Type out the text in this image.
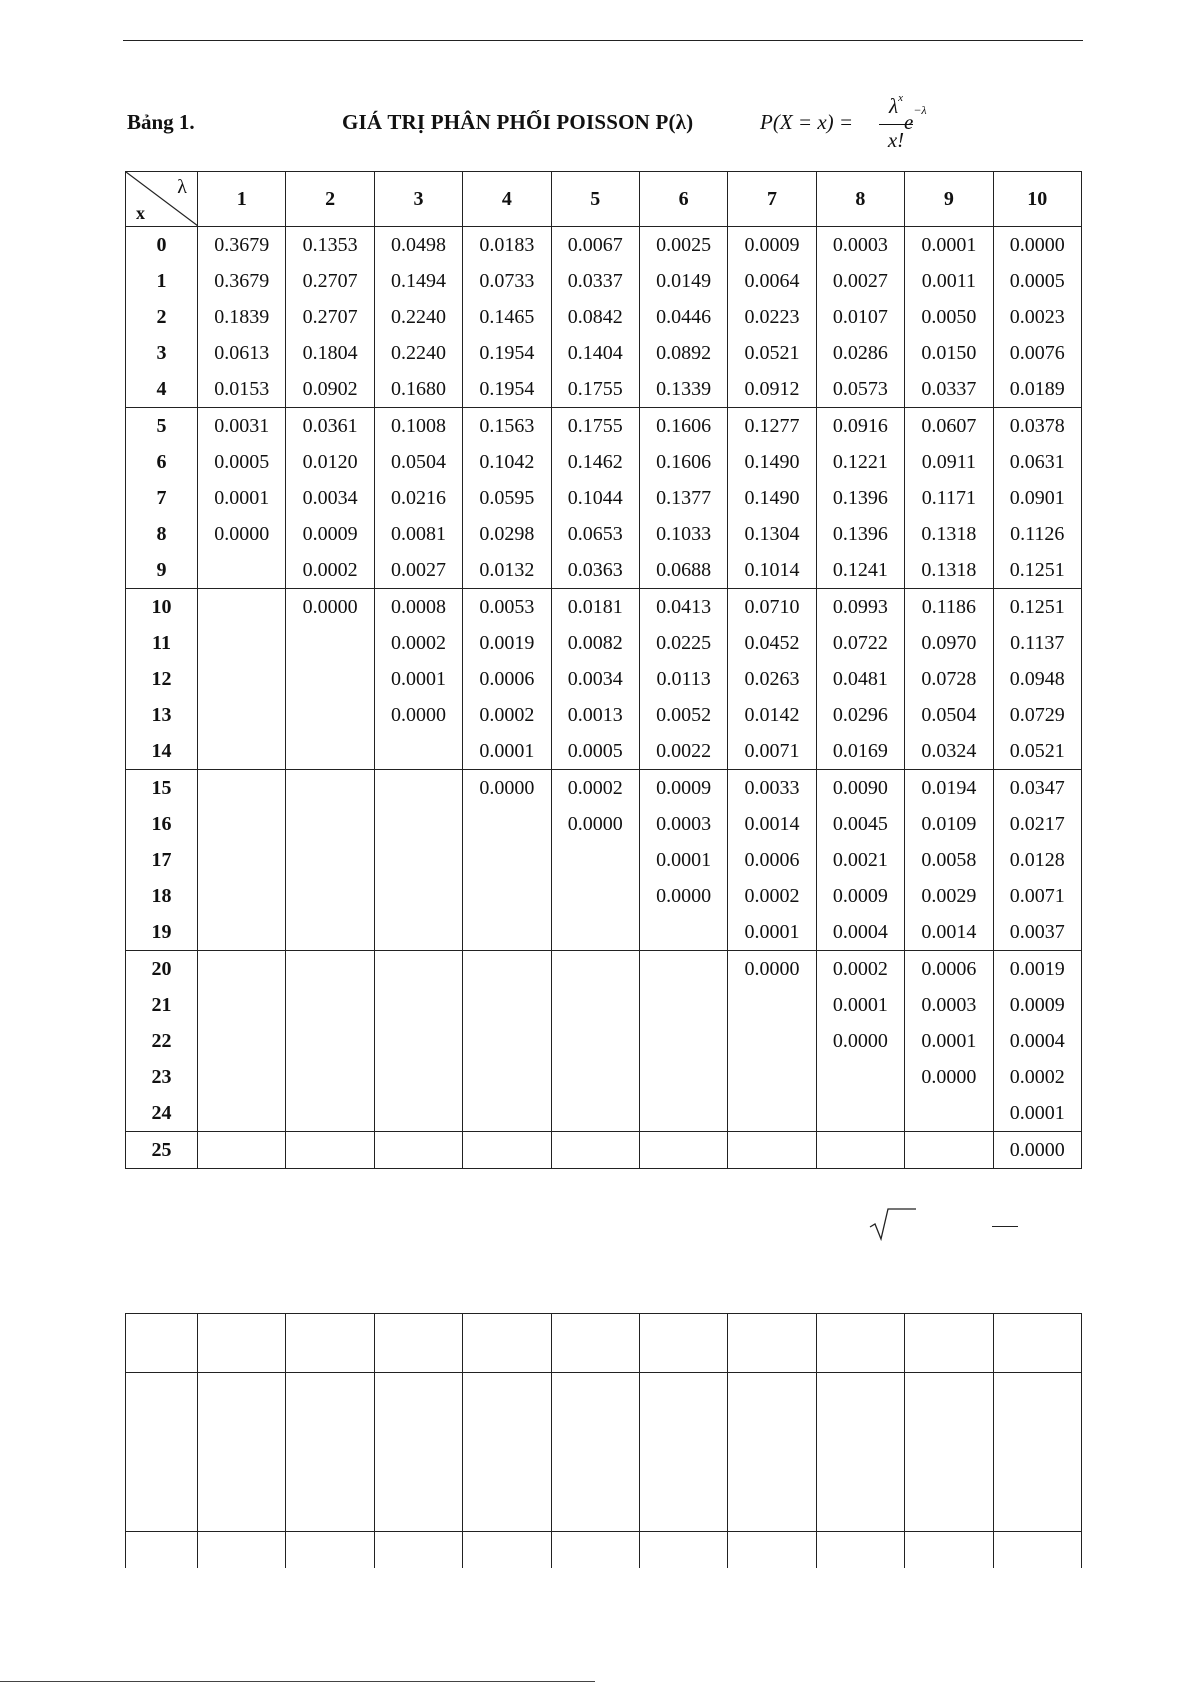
Bảng 1.	GIÁ TRỊ PHÂN PHỐI POISSON P(λ)	P(X = x) =
$\lambda^x$
x!
$e^{-\lambda}$
λ
x	1	2	3	4	5	6	7	8	9	10
0	0.3679	0.1353	0.0498	0.0183	0.0067	0.0025	0.0009	0.0003	0.0001	0.0000
1	0.3679	0.2707	0.1494	0.0733	0.0337	0.0149	0.0064	0.0027	0.0011	0.0005
2	0.1839	0.2707	0.2240	0.1465	0.0842	0.0446	0.0223	0.0107	0.0050	0.0023
3	0.0613	0.1804	0.2240	0.1954	0.1404	0.0892	0.0521	0.0286	0.0150	0.0076
4	0.0153	0.0902	0.1680	0.1954	0.1755	0.1339	0.0912	0.0573	0.0337	0.0189
5	0.0031	0.0361	0.1008	0.1563	0.1755	0.1606	0.1277	0.0916	0.0607	0.0378
6	0.0005	0.0120	0.0504	0.1042	0.1462	0.1606	0.1490	0.1221	0.0911	0.0631
7	0.0001	0.0034	0.0216	0.0595	0.1044	0.1377	0.1490	0.1396	0.1171	0.0901
8	0.0000	0.0009	0.0081	0.0298	0.0653	0.1033	0.1304	0.1396	0.1318	0.1126
9		0.0002	0.0027	0.0132	0.0363	0.0688	0.1014	0.1241	0.1318	0.1251
10		0.0000	0.0008	0.0053	0.0181	0.0413	0.0710	0.0993	0.1186	0.1251
11			0.0002	0.0019	0.0082	0.0225	0.0452	0.0722	0.0970	0.1137
12			0.0001	0.0006	0.0034	0.0113	0.0263	0.0481	0.0728	0.0948
13			0.0000	0.0002	0.0013	0.0052	0.0142	0.0296	0.0504	0.0729
14				0.0001	0.0005	0.0022	0.0071	0.0169	0.0324	0.0521
15				0.0000	0.0002	0.0009	0.0033	0.0090	0.0194	0.0347
16					0.0000	0.0003	0.0014	0.0045	0.0109	0.0217
17						0.0001	0.0006	0.0021	0.0058	0.0128
18						0.0000	0.0002	0.0009	0.0029	0.0071
19							0.0001	0.0004	0.0014	0.0037
20							0.0000	0.0002	0.0006	0.0019
21								0.0001	0.0003	0.0009
22								0.0000	0.0001	0.0004
23									0.0000	0.0002
24										0.0001
25										0.0000
